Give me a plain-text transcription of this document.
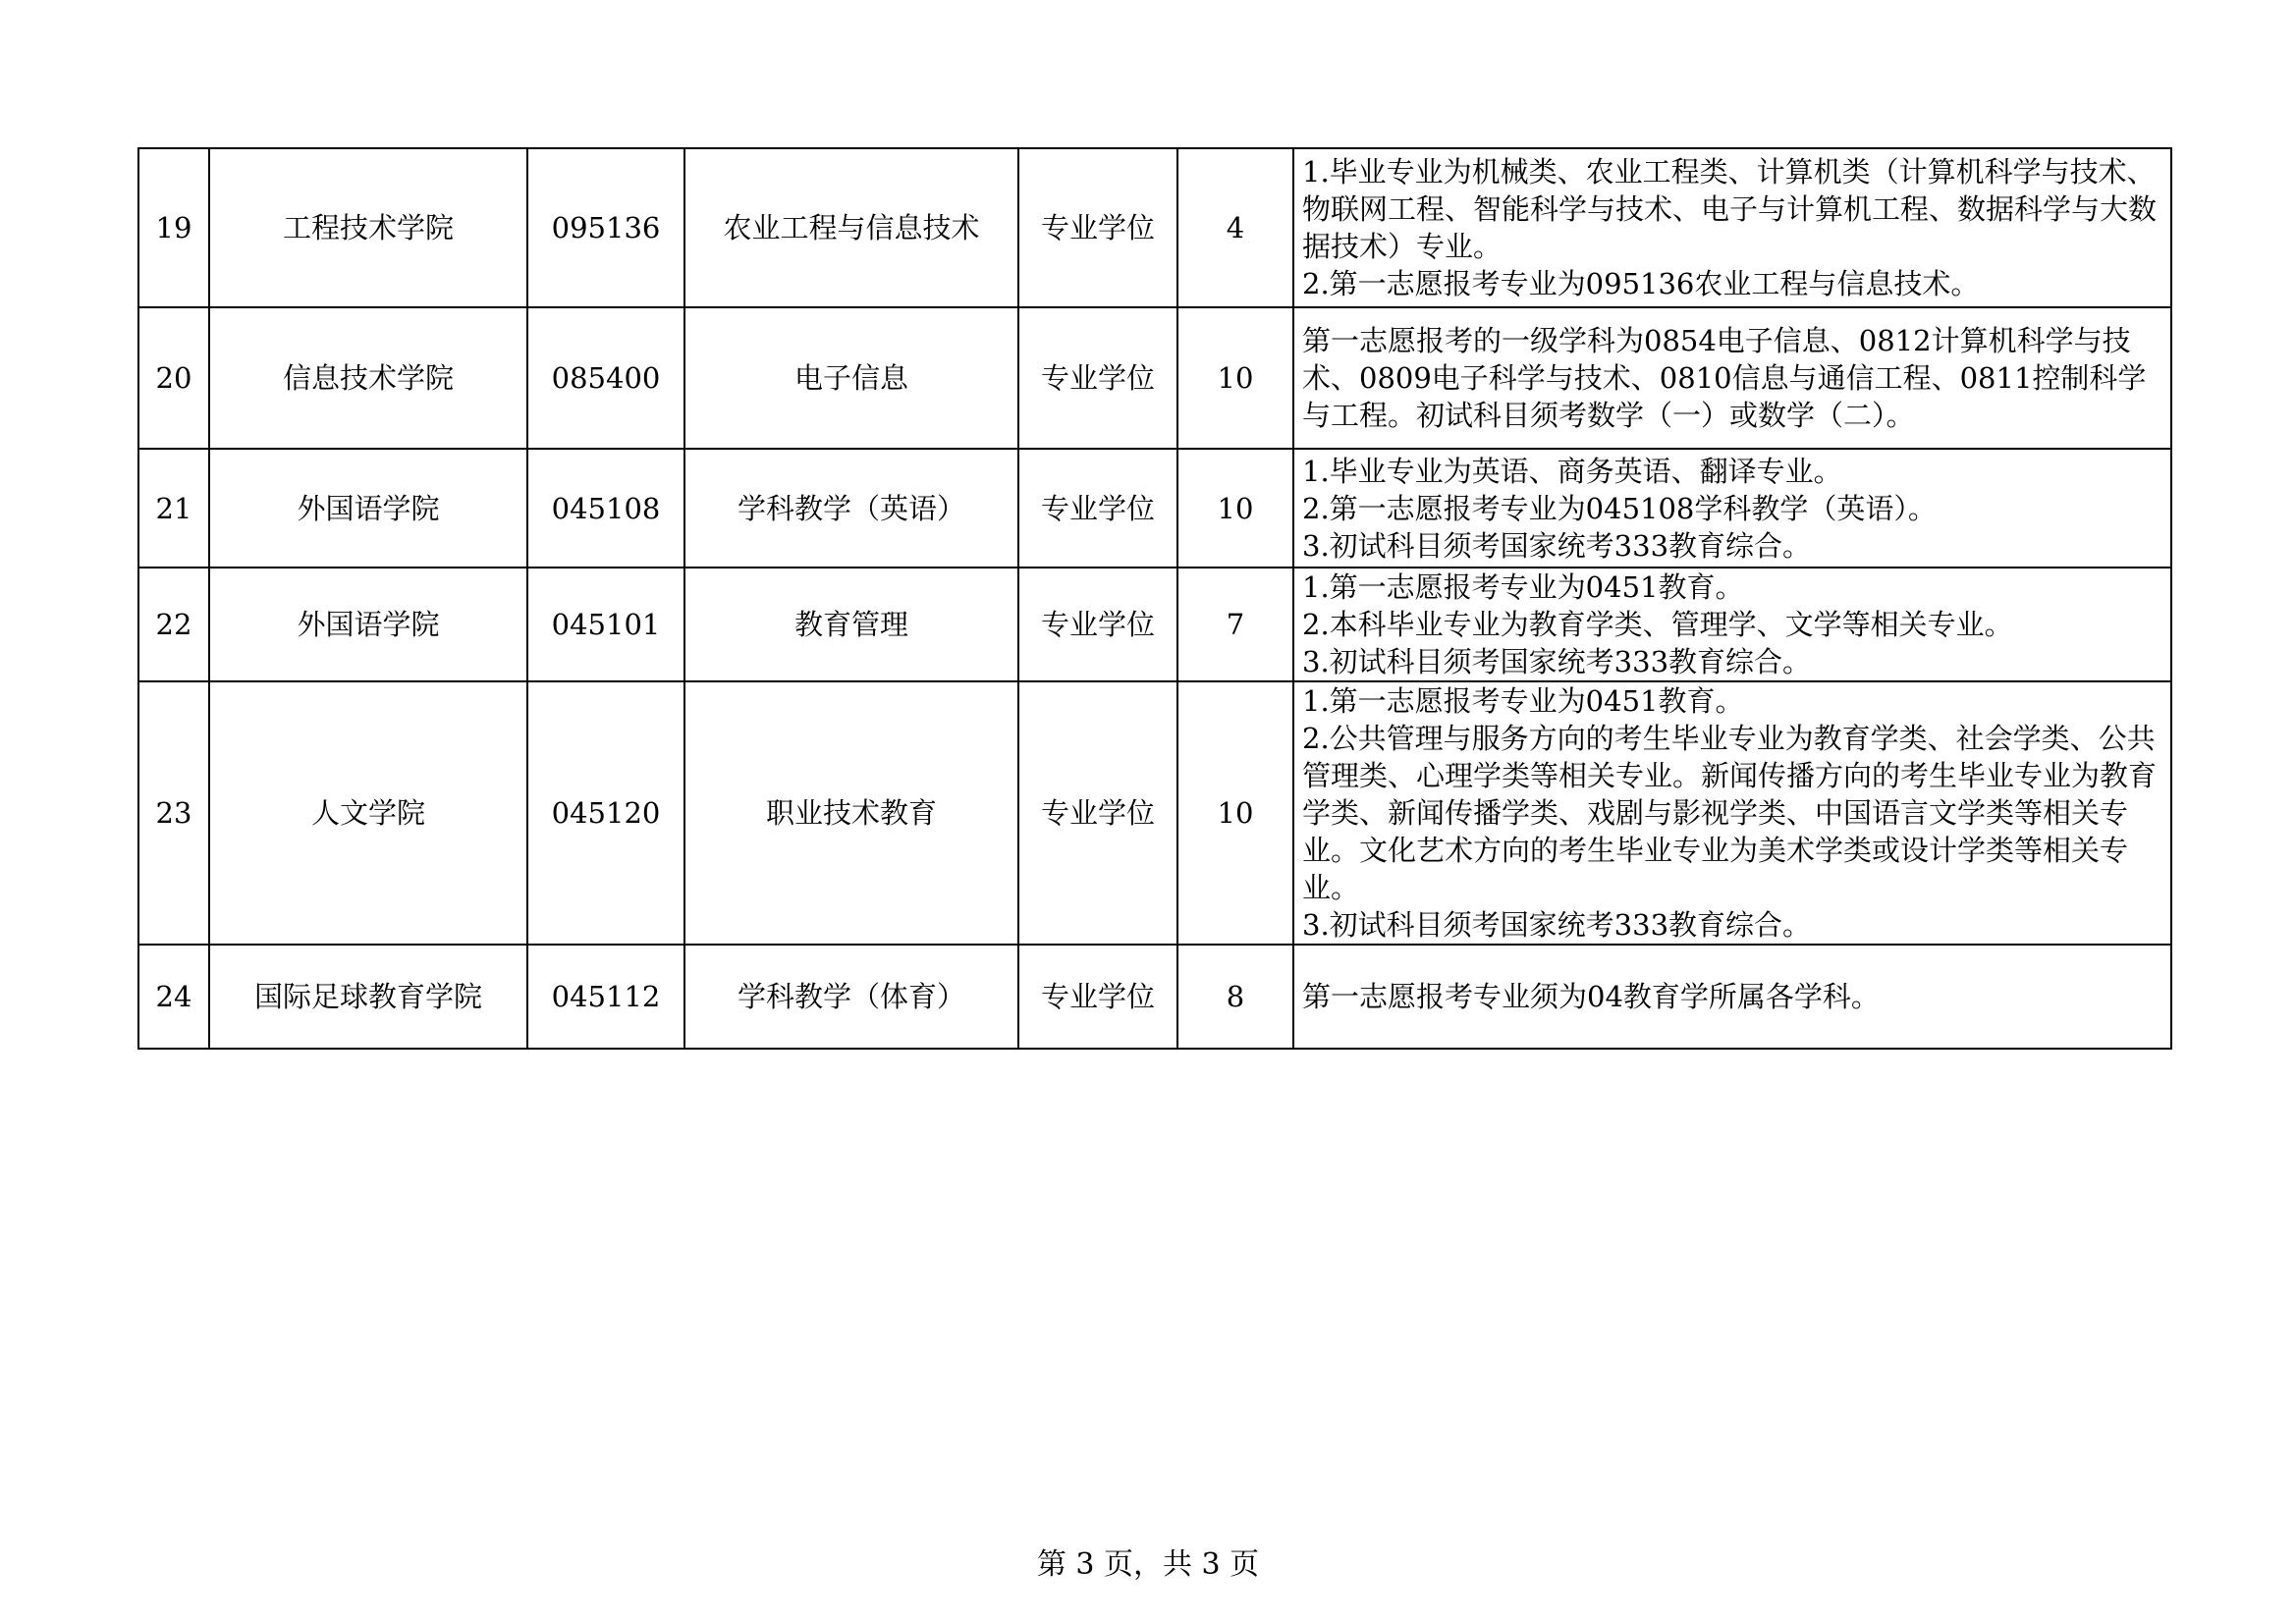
19	工程技术学院	095136	农业工程与信息技术	专业学位	4	1.毕业专业为机械类、农业工程类、计算机类（计算机科学与技术、物联网工程、智能科学与技术、电子与计算机工程、数据科学与大数据技术）专业。
2.第一志愿报考专业为095136农业工程与信息技术。

20	信息技术学院	085400	电子信息	专业学位	10	第一志愿报考的一级学科为0854电子信息、0812计算机科学与技术、0809电子科学与技术、0810信息与通信工程、0811控制科学与工程。初试科目须考数学（一）或数学（二）。

21	外国语学院	045108	学科教学（英语）	专业学位	10	1.毕业专业为英语、商务英语、翻译专业。
2.第一志愿报考专业为045108学科教学（英语）。
3.初试科目须考国家统考333教育综合。

22	外国语学院	045101	教育管理	专业学位	7	1.第一志愿报考专业为0451教育。
2.本科毕业专业为教育学类、管理学、文学等相关专业。
3.初试科目须考国家统考333教育综合。

23	人文学院	045120	职业技术教育	专业学位	10	1.第一志愿报考专业为0451教育。
2.公共管理与服务方向的考生毕业专业为教育学类、社会学类、公共管理类、心理学类等相关专业。新闻传播方向的考生毕业专业为教育学类、新闻传播学类、戏剧与影视学类、中国语言文学类等相关专业。文化艺术方向的考生毕业专业为美术学类或设计学类等相关专业。
3.初试科目须考国家统考333教育综合。

24	国际足球教育学院	045112	学科教学（体育）	专业学位	8	第一志愿报考专业须为04教育学所属各学科。
第 3 页，共 3 页
